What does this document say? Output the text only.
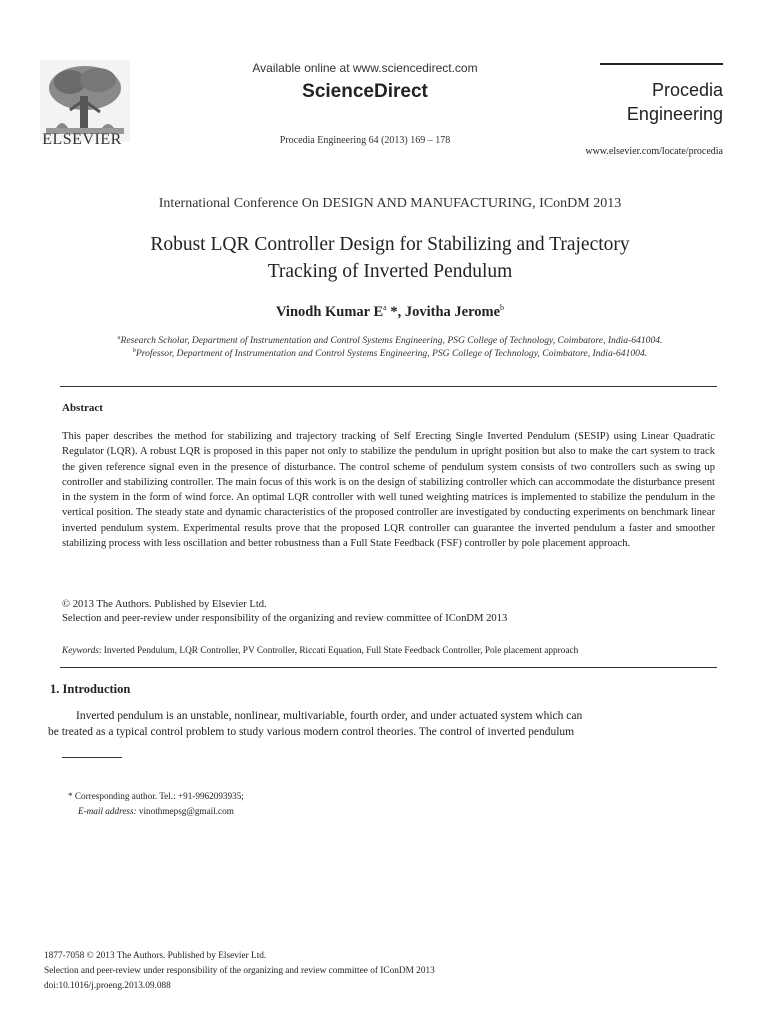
ELSEVIER
Available online at www.sciencedirect.com
ScienceDirect
Procedia Engineering 64 (2013) 169 – 178
Procedia
Engineering
www.elsevier.com/locate/procedia
International Conference On DESIGN AND MANUFACTURING, IConDM 2013
Robust LQR Controller Design for Stabilizing and Trajectory
Tracking of Inverted Pendulum
Vinodh Kumar $E^a$ *, Jovitha Jerome$^b$
$^a$Research Scholar, Department of Instrumentation and Control Systems Engineering, PSG College of Technology, Coimbatore, India-641004.
$^b$Professor, Department of Instrumentation and Control Systems Engineering, PSG College of Technology, Coimbatore, India-641004.
Abstract
This paper describes the method for stabilizing and trajectory tracking of Self Erecting Single Inverted Pendulum (SESIP) using Linear Quadratic Regulator (LQR). A robust LQR is proposed in this paper not only to stabilize the pendulum in upright position but also to make the cart system to track the given reference signal even in the presence of disturbance. The control scheme of pendulum system consists of two controllers such as swing up controller and stabilizing controller. The main focus of this work is on the design of stabilizing controller which can accommodate the disturbance present in the system in the form of wind force. An optimal LQR controller with well tuned weighting matrices is implemented to stabilize the pendulum in the vertical position. The steady state and dynamic characteristics of the proposed controller are investigated by conducting experiments on benchmark linear inverted pendulum system. Experimental results prove that the proposed LQR controller can guarantee the inverted pendulum a faster and smoother stabilizing process with less oscillation and better robustness than a Full State Feedback (FSF) controller by pole placement approach.
© 2013 The Authors. Published by Elsevier Ltd.
Selection and peer-review under responsibility of the organizing and review committee of IConDM 2013
Keywords: Inverted Pendulum, LQR Controller, PV Controller, Riccati Equation, Full State Feedback Controller, Pole placement approach
1. Introduction
Inverted pendulum is an unstable, nonlinear, multivariable, fourth order, and under actuated system which can
be treated as a typical control problem to study various modern control theories. The control of inverted pendulum
* Corresponding author. Tel.: +91-9962093935;
E-mail address: vinothmepsg@gmail.com
1877-7058 © 2013 The Authors. Published by Elsevier Ltd.
Selection and peer-review under responsibility of the organizing and review committee of IConDM 2013
doi:10.1016/j.proeng.2013.09.088
